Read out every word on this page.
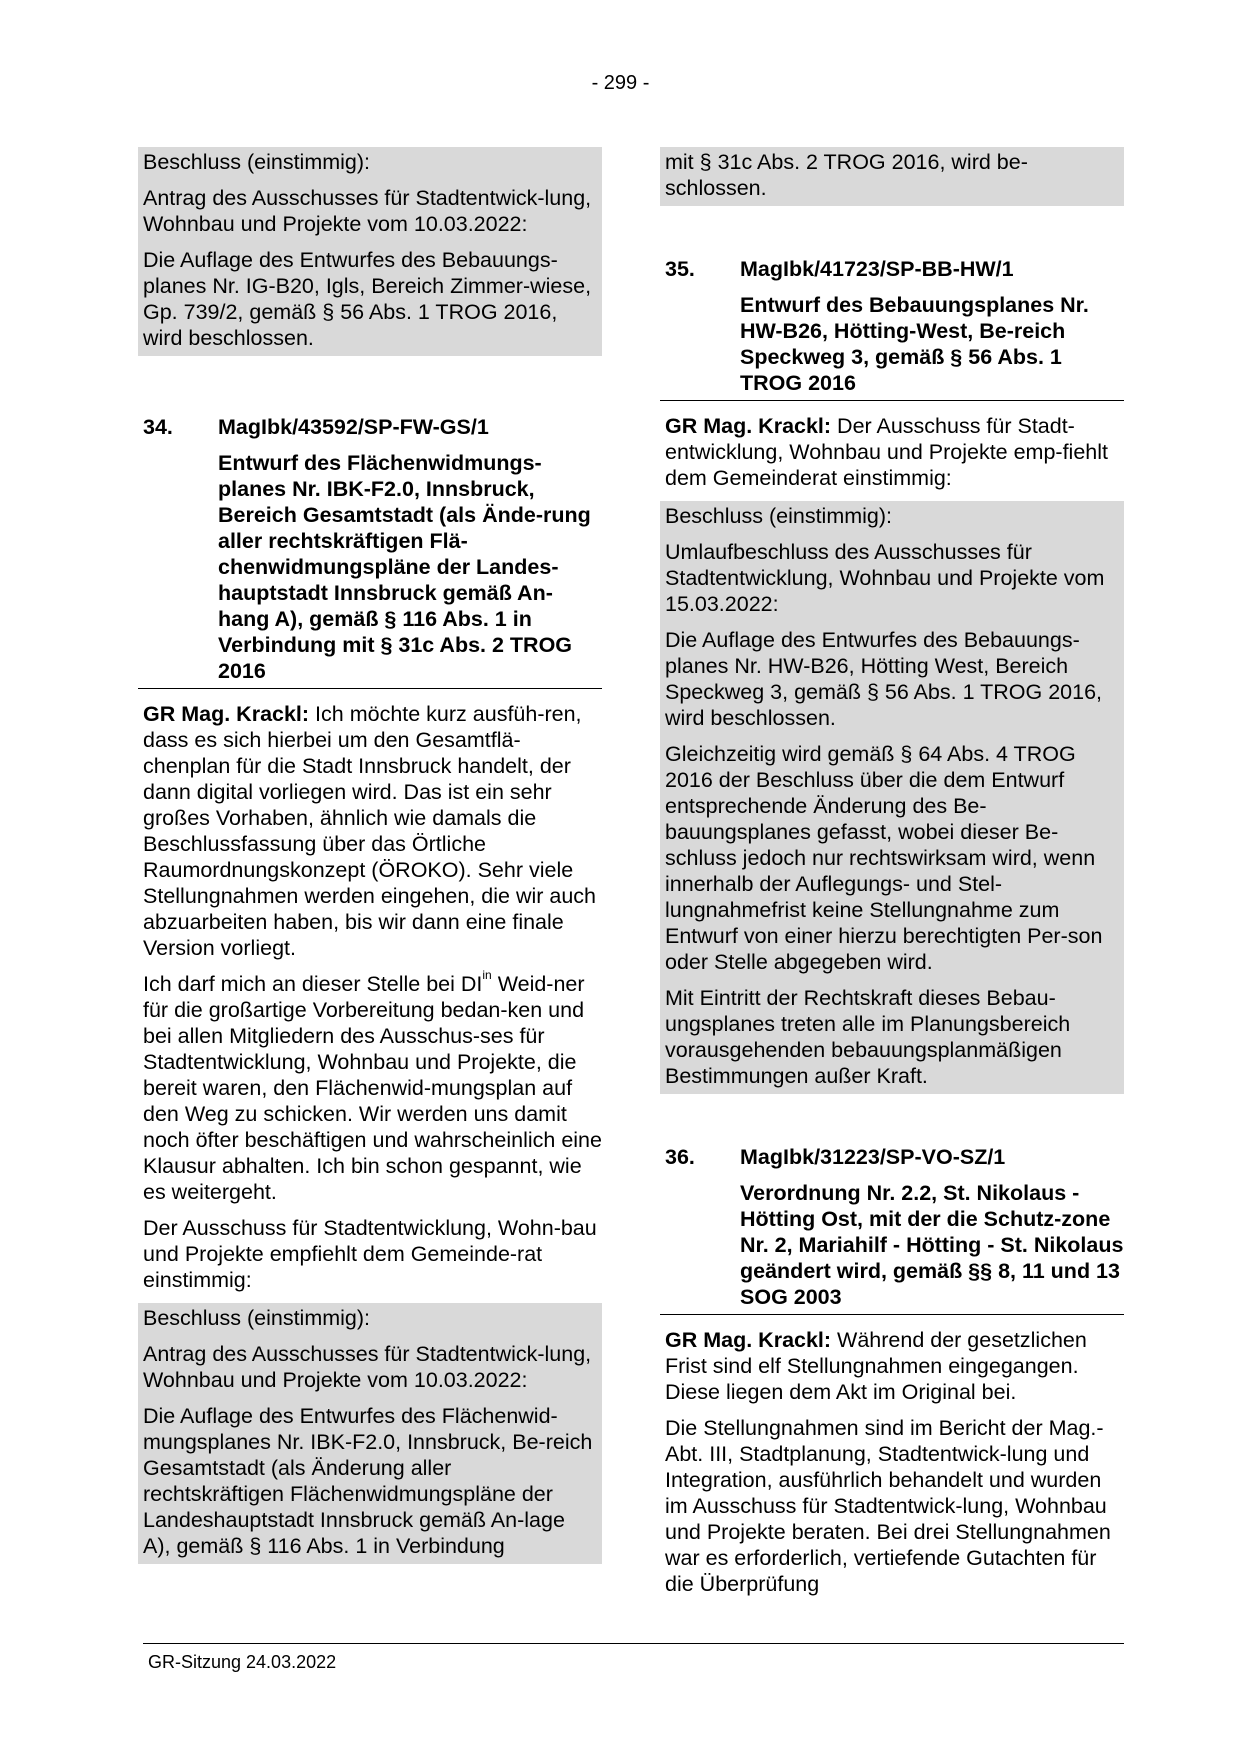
- 299 -

Beschluss (einstimmig):

Antrag des Ausschusses für Stadtentwick-lung, Wohnbau und Projekte vom 10.03.2022:

Die Auflage des Entwurfes des Bebauungs-planes Nr. IG-B20, Igls, Bereich Zimmer-wiese, Gp. 739/2, gemäß § 56 Abs. 1 TROG 2016, wird beschlossen.

34.	MagIbk/43592/SP-FW-GS/1
Entwurf des Flächenwidmungs-planes Nr. IBK-F2.0, Innsbruck, Bereich Gesamtstadt (als Ände-rung aller rechtskräftigen Flä-chenwidmungspläne der Landes-hauptstadt Innsbruck gemäß An-hang A), gemäß § 116 Abs. 1 in Verbindung mit § 31c Abs. 2 TROG 2016

GR Mag. Krackl: Ich möchte kurz ausfüh-ren, dass es sich hierbei um den Gesamtflä-chenplan für die Stadt Innsbruck handelt, der dann digital vorliegen wird. Das ist ein sehr großes Vorhaben, ähnlich wie damals die Beschlussfassung über das Örtliche Raumordnungskonzept (ÖROKO). Sehr viele Stellungnahmen werden eingehen, die wir auch abzuarbeiten haben, bis wir dann eine finale Version vorliegt.

Ich darf mich an dieser Stelle bei $DI^{in}$ Weid-ner für die großartige Vorbereitung bedan-ken und bei allen Mitgliedern des Ausschus-ses für Stadtentwicklung, Wohnbau und Projekte, die bereit waren, den Flächenwid-mungsplan auf den Weg zu schicken. Wir werden uns damit noch öfter beschäftigen und wahrscheinlich eine Klausur abhalten. Ich bin schon gespannt, wie es weitergeht.

Der Ausschuss für Stadtentwicklung, Wohn-bau und Projekte empfiehlt dem Gemeinde-rat einstimmig:

Beschluss (einstimmig):

Antrag des Ausschusses für Stadtentwick-lung, Wohnbau und Projekte vom 10.03.2022:

Die Auflage des Entwurfes des Flächenwid-mungsplanes Nr. IBK-F2.0, Innsbruck, Be-reich Gesamtstadt (als Änderung aller rechtskräftigen Flächenwidmungspläne der Landeshauptstadt Innsbruck gemäß An-lage A), gemäß § 116 Abs. 1 in Verbindung

mit § 31c Abs. 2 TROG 2016, wird be-schlossen.

35.	MagIbk/41723/SP-BB-HW/1
Entwurf des Bebauungsplanes Nr. HW-B26, Hötting-West, Be-reich Speckweg 3, gemäß § 56 Abs. 1 TROG 2016

GR Mag. Krackl: Der Ausschuss für Stadt-entwicklung, Wohnbau und Projekte emp-fiehlt dem Gemeinderat einstimmig:

Beschluss (einstimmig):

Umlaufbeschluss des Ausschusses für Stadtentwicklung, Wohnbau und Projekte vom 15.03.2022:

Die Auflage des Entwurfes des Bebauungs-planes Nr. HW-B26, Hötting West, Bereich Speckweg 3, gemäß § 56 Abs. 1 TROG 2016, wird beschlossen.

Gleichzeitig wird gemäß § 64 Abs. 4 TROG 2016 der Beschluss über die dem Entwurf entsprechende Änderung des Be-bauungsplanes gefasst, wobei dieser Be-schluss jedoch nur rechtswirksam wird, wenn innerhalb der Auflegungs- und Stel-lungnahmefrist keine Stellungnahme zum Entwurf von einer hierzu berechtigten Per-son oder Stelle abgegeben wird.

Mit Eintritt der Rechtskraft dieses Bebau-ungsplanes treten alle im Planungsbereich vorausgehenden bebauungsplanmäßigen Bestimmungen außer Kraft.

36.	MagIbk/31223/SP-VO-SZ/1
Verordnung Nr. 2.2, St. Nikolaus - Hötting Ost, mit der die Schutz-zone Nr. 2, Mariahilf - Hötting - St. Nikolaus geändert wird, gemäß §§ 8, 11 und 13 SOG 2003

GR Mag. Krackl: Während der gesetzlichen Frist sind elf Stellungnahmen eingegangen. Diese liegen dem Akt im Original bei.

Die Stellungnahmen sind im Bericht der Mag.-Abt. III, Stadtplanung, Stadtentwick-lung und Integration, ausführlich behandelt und wurden im Ausschuss für Stadtentwick-lung, Wohnbau und Projekte beraten. Bei drei Stellungnahmen war es erforderlich, vertiefende Gutachten für die Überprüfung

GR-Sitzung 24.03.2022
